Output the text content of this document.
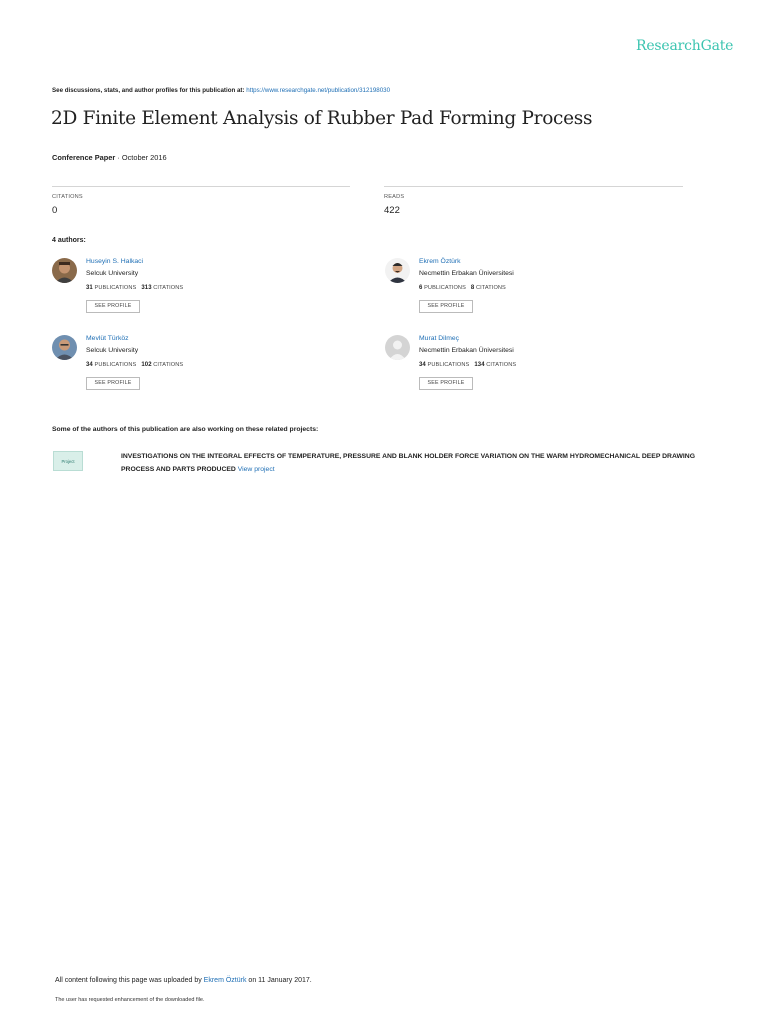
ResearchGate
See discussions, stats, and author profiles for this publication at: https://www.researchgate.net/publication/312198030
2D Finite Element Analysis of Rubber Pad Forming Process
Conference Paper · October 2016
CITATIONS
0
READS
422
4 authors:
Huseyin S. Halkaci
Selcuk University
31 PUBLICATIONS 313 CITATIONS
SEE PROFILE
Ekrem Öztürk
Necmettin Erbakan Üniversitesi
6 PUBLICATIONS 8 CITATIONS
SEE PROFILE
Mevlüt Türköz
Selcuk University
34 PUBLICATIONS 102 CITATIONS
SEE PROFILE
Murat Dilmeç
Necmettin Erbakan Üniversitesi
34 PUBLICATIONS 134 CITATIONS
SEE PROFILE
Some of the authors of this publication are also working on these related projects:
Project
INVESTIGATIONS ON THE INTEGRAL EFFECTS OF TEMPERATURE, PRESSURE AND BLANK HOLDER FORCE VARIATION ON THE WARM HYDROMECHANICAL DEEP DRAWING PROCESS AND PARTS PRODUCED View project
All content following this page was uploaded by Ekrem Öztürk on 11 January 2017.
The user has requested enhancement of the downloaded file.
